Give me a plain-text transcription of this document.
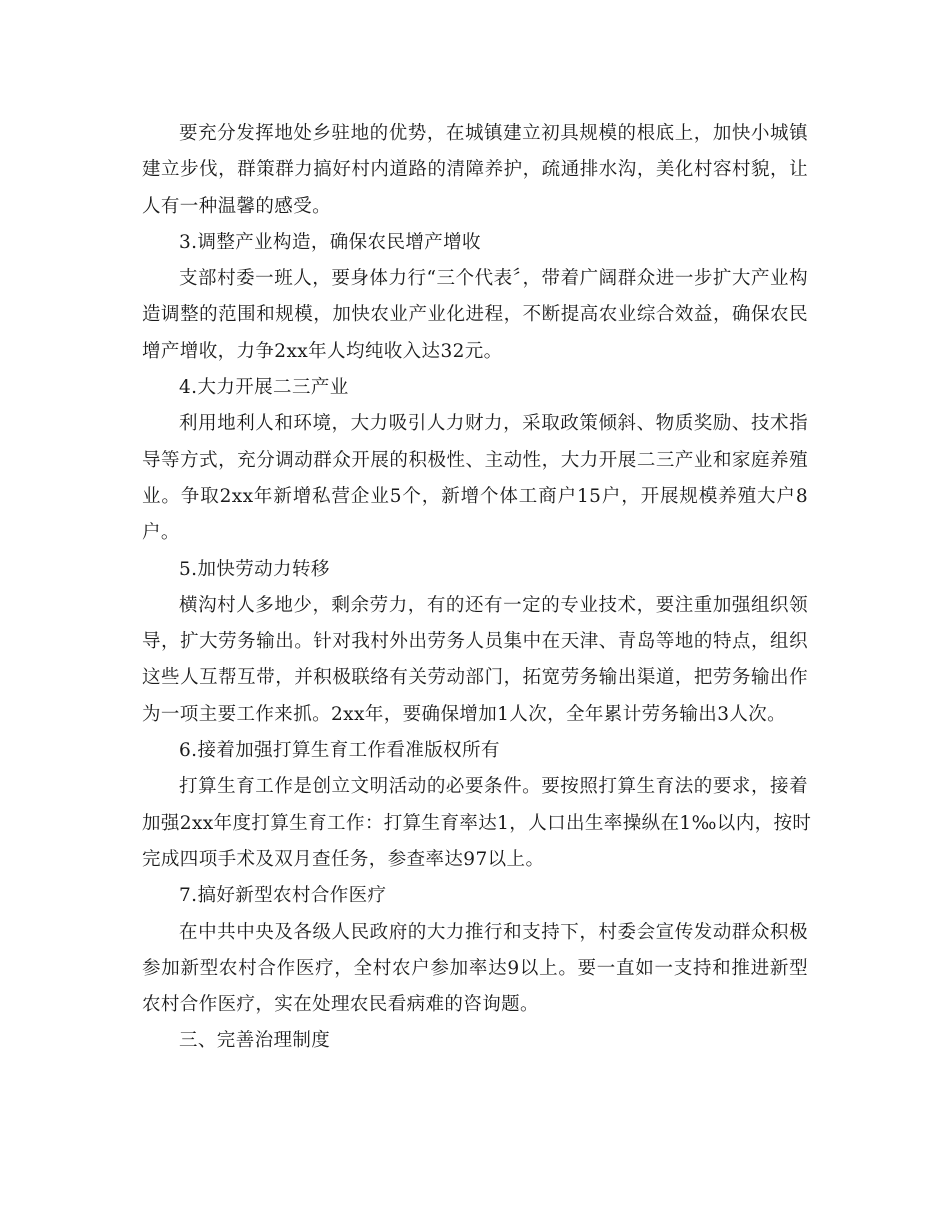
要充分发挥地处乡驻地的优势，在城镇建立初具规模的根底上，加快小城镇
建立步伐，群策群力搞好村内道路的清障养护，疏通排水沟，美化村容村貌，让
人有一种温馨的感受。
3.调整产业构造，确保农民增产增收
支部村委一班人，要身体力行“三个代表〞，带着广阔群众进一步扩大产业构
造调整的范围和规模，加快农业产业化进程，不断提高农业综合效益，确保农民
增产增收，力争2xx年人均纯收入达32元。
4.大力开展二三产业
利用地利人和环境，大力吸引人力财力，采取政策倾斜、物质奖励、技术指
导等方式，充分调动群众开展的积极性、主动性，大力开展二三产业和家庭养殖
业。争取2xx年新增私营企业5个，新增个体工商户15户，开展规模养殖大户8
户。
5.加快劳动力转移
横沟村人多地少，剩余劳力，有的还有一定的专业技术，要注重加强组织领
导，扩大劳务输出。针对我村外出劳务人员集中在天津、青岛等地的特点，组织
这些人互帮互带，并积极联络有关劳动部门，拓宽劳务输出渠道，把劳务输出作
为一项主要工作来抓。2xx年，要确保增加1人次，全年累计劳务输出3人次。
6.接着加强打算生育工作看准版权所有
打算生育工作是创立文明活动的必要条件。要按照打算生育法的要求，接着
加强2xx年度打算生育工作：打算生育率达1，人口出生率操纵在1‰以内，按时
完成四项手术及双月查任务，参查率达97以上。
7.搞好新型农村合作医疗
在中共中央及各级人民政府的大力推行和支持下，村委会宣传发动群众积极
参加新型农村合作医疗，全村农户参加率达9以上。要一直如一支持和推进新型
农村合作医疗，实在处理农民看病难的咨询题。
三、完善治理制度
